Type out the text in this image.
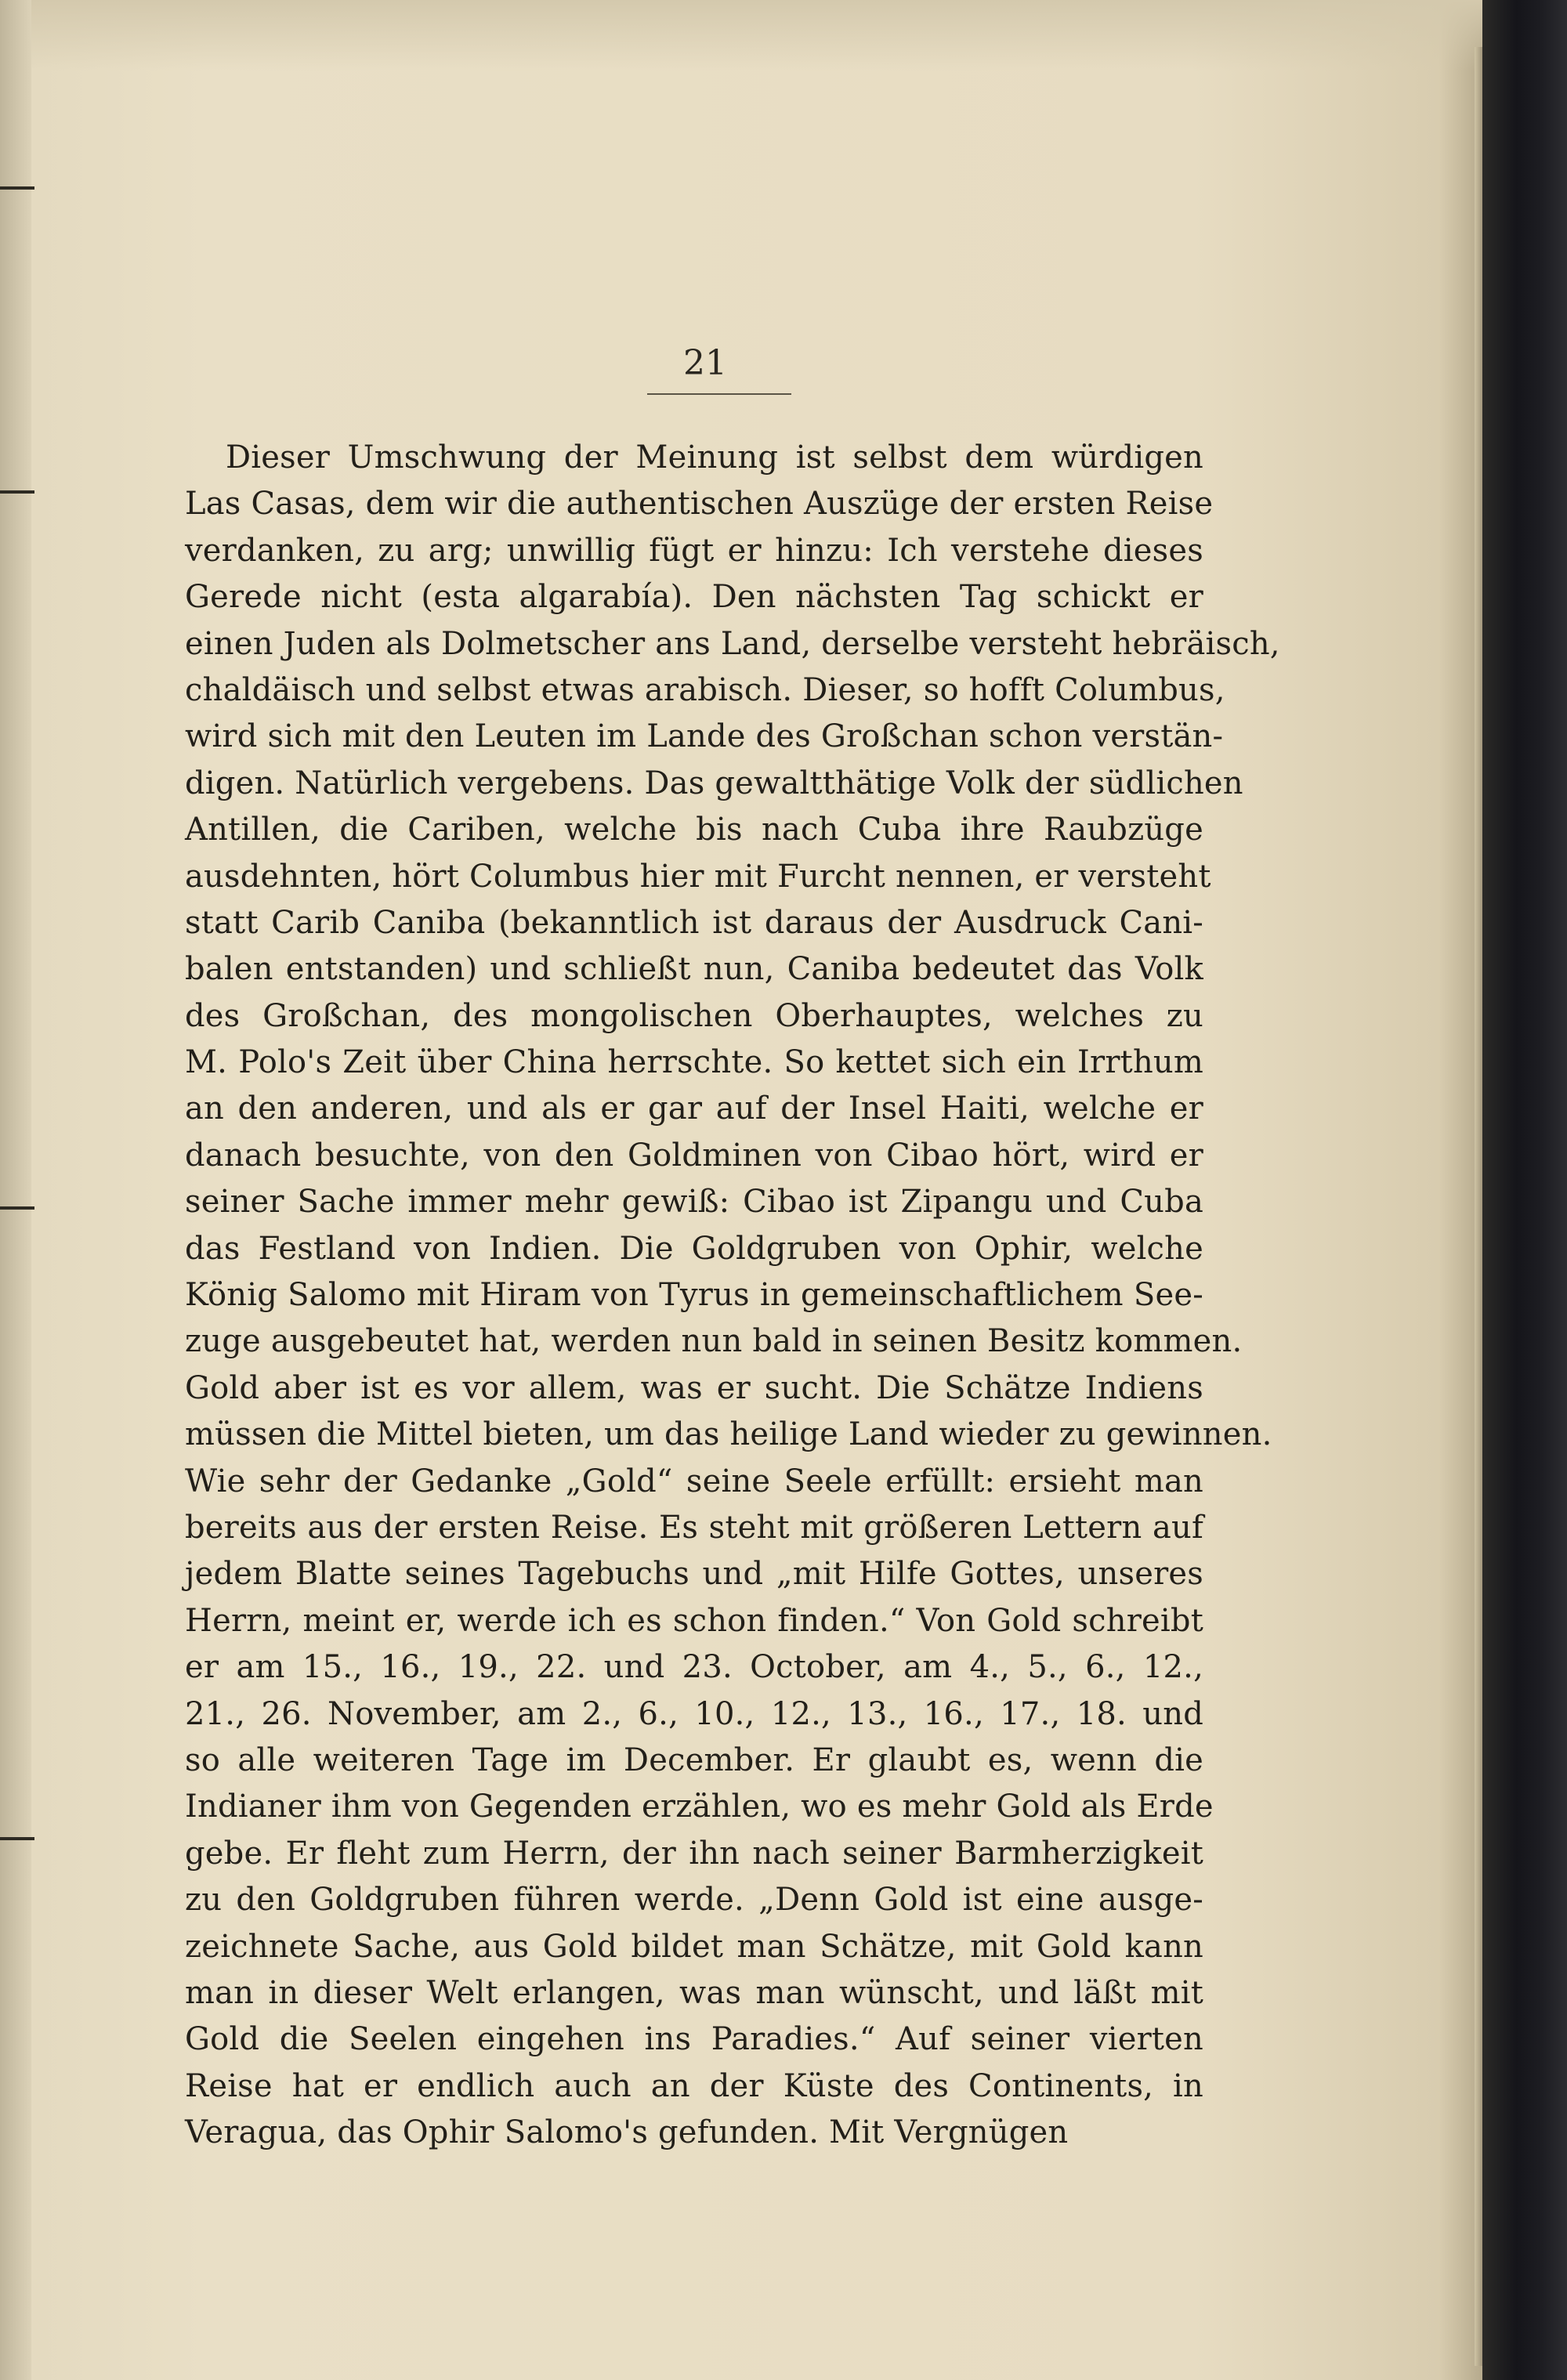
21
Dieser Umschwung der Meinung ist selbst dem würdigen
Las Casas, dem wir die authentischen Auszüge der ersten Reise
verdanken, zu arg; unwillig fügt er hinzu: Ich verstehe dieses
Gerede nicht (esta algarabía). Den nächsten Tag schickt er
einen Juden als Dolmetscher ans Land, derselbe versteht hebräisch,
chaldäisch und selbst etwas arabisch. Dieser, so hofft Columbus,
wird sich mit den Leuten im Lande des Großchan schon verstän-
digen. Natürlich vergebens. Das gewaltthätige Volk der südlichen
Antillen, die Cariben, welche bis nach Cuba ihre Raubzüge
ausdehnten, hört Columbus hier mit Furcht nennen, er versteht
statt Carib Caniba (bekanntlich ist daraus der Ausdruck Cani-
balen entstanden) und schließt nun, Caniba bedeutet das Volk
des Großchan, des mongolischen Oberhauptes, welches zu
M. Polo's Zeit über China herrschte. So kettet sich ein Irrthum
an den anderen, und als er gar auf der Insel Haiti, welche er
danach besuchte, von den Goldminen von Cibao hört, wird er
seiner Sache immer mehr gewiß: Cibao ist Zipangu und Cuba
das Festland von Indien. Die Goldgruben von Ophir, welche
König Salomo mit Hiram von Tyrus in gemeinschaftlichem See-
zuge ausgebeutet hat, werden nun bald in seinen Besitz kommen.
Gold aber ist es vor allem, was er sucht. Die Schätze Indiens
müssen die Mittel bieten, um das heilige Land wieder zu gewinnen.
Wie sehr der Gedanke „Gold“ seine Seele erfüllt: ersieht man
bereits aus der ersten Reise. Es steht mit größeren Lettern auf
jedem Blatte seines Tagebuchs und „mit Hilfe Gottes, unseres
Herrn, meint er, werde ich es schon finden.“ Von Gold schreibt
er am 15., 16., 19., 22. und 23. October, am 4., 5., 6., 12.,
21., 26. November, am 2., 6., 10., 12., 13., 16., 17., 18. und
so alle weiteren Tage im December. Er glaubt es, wenn die
Indianer ihm von Gegenden erzählen, wo es mehr Gold als Erde
gebe. Er fleht zum Herrn, der ihn nach seiner Barmherzigkeit
zu den Goldgruben führen werde. „Denn Gold ist eine ausge-
zeichnete Sache, aus Gold bildet man Schätze, mit Gold kann
man in dieser Welt erlangen, was man wünscht, und läßt mit
Gold die Seelen eingehen ins Paradies.“ Auf seiner vierten
Reise hat er endlich auch an der Küste des Continents, in
Veragua, das Ophir Salomo's gefunden. Mit Vergnügen
